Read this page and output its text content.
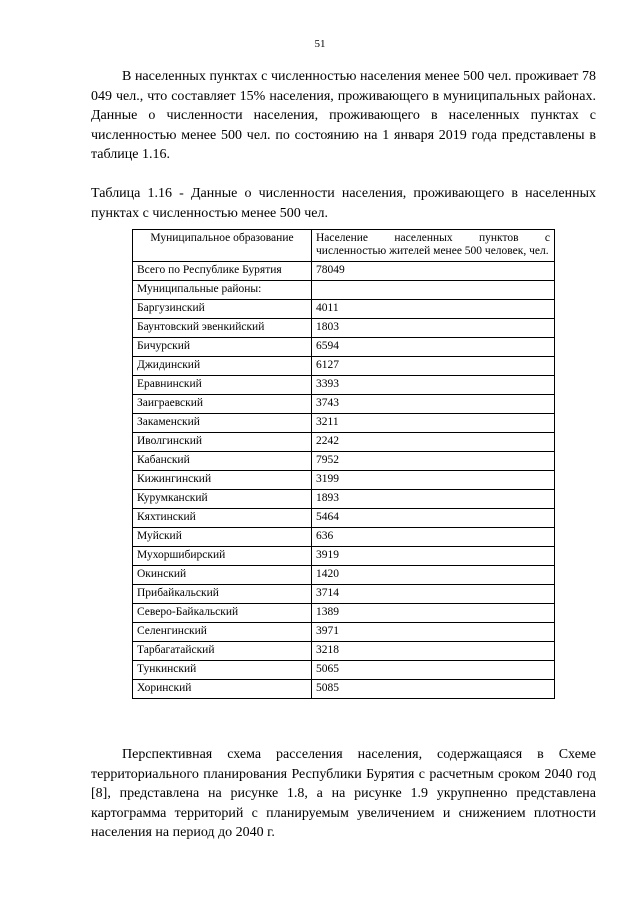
51

В населенных пунктах с численностью населения менее 500 чел. проживает 78 049 чел., что составляет 15% населения, проживающего в муниципальных районах. Данные о численности населения, проживающего в населенных пунктах с численностью менее 500 чел. по состоянию на 1 января 2019 года представлены в таблице 1.16.

Таблица 1.16 - Данные о численности населения, проживающего в населенных пунктах с численностью менее 500 чел.

Муниципальное образование	Население населенных пунктов с численностью жителей менее 500 человек, чел.
Всего по Республике Бурятия	78049
Муниципальные районы:	
Баргузинский	4011
Баунтовский эвенкийский	1803
Бичурский	6594
Джидинский	6127
Еравнинский	3393
Заиграевский	3743
Закаменский	3211
Иволгинский	2242
Кабанский	7952
Кижингинский	3199
Курумканский	1893
Кяхтинский	5464
Муйский	636
Мухоршибирский	3919
Окинский	1420
Прибайкальский	3714
Северо-Байкальский	1389
Селенгинский	3971
Тарбагатайский	3218
Тункинский	5065
Хоринский	5085

Перспективная схема расселения населения, содержащаяся в Схеме территориального планирования Республики Бурятия с расчетным сроком 2040 год [8], представлена на рисунке 1.8, а на рисунке 1.9 укрупненно представлена картограмма территорий с планируемым увеличением и снижением плотности населения на период до 2040 г.
